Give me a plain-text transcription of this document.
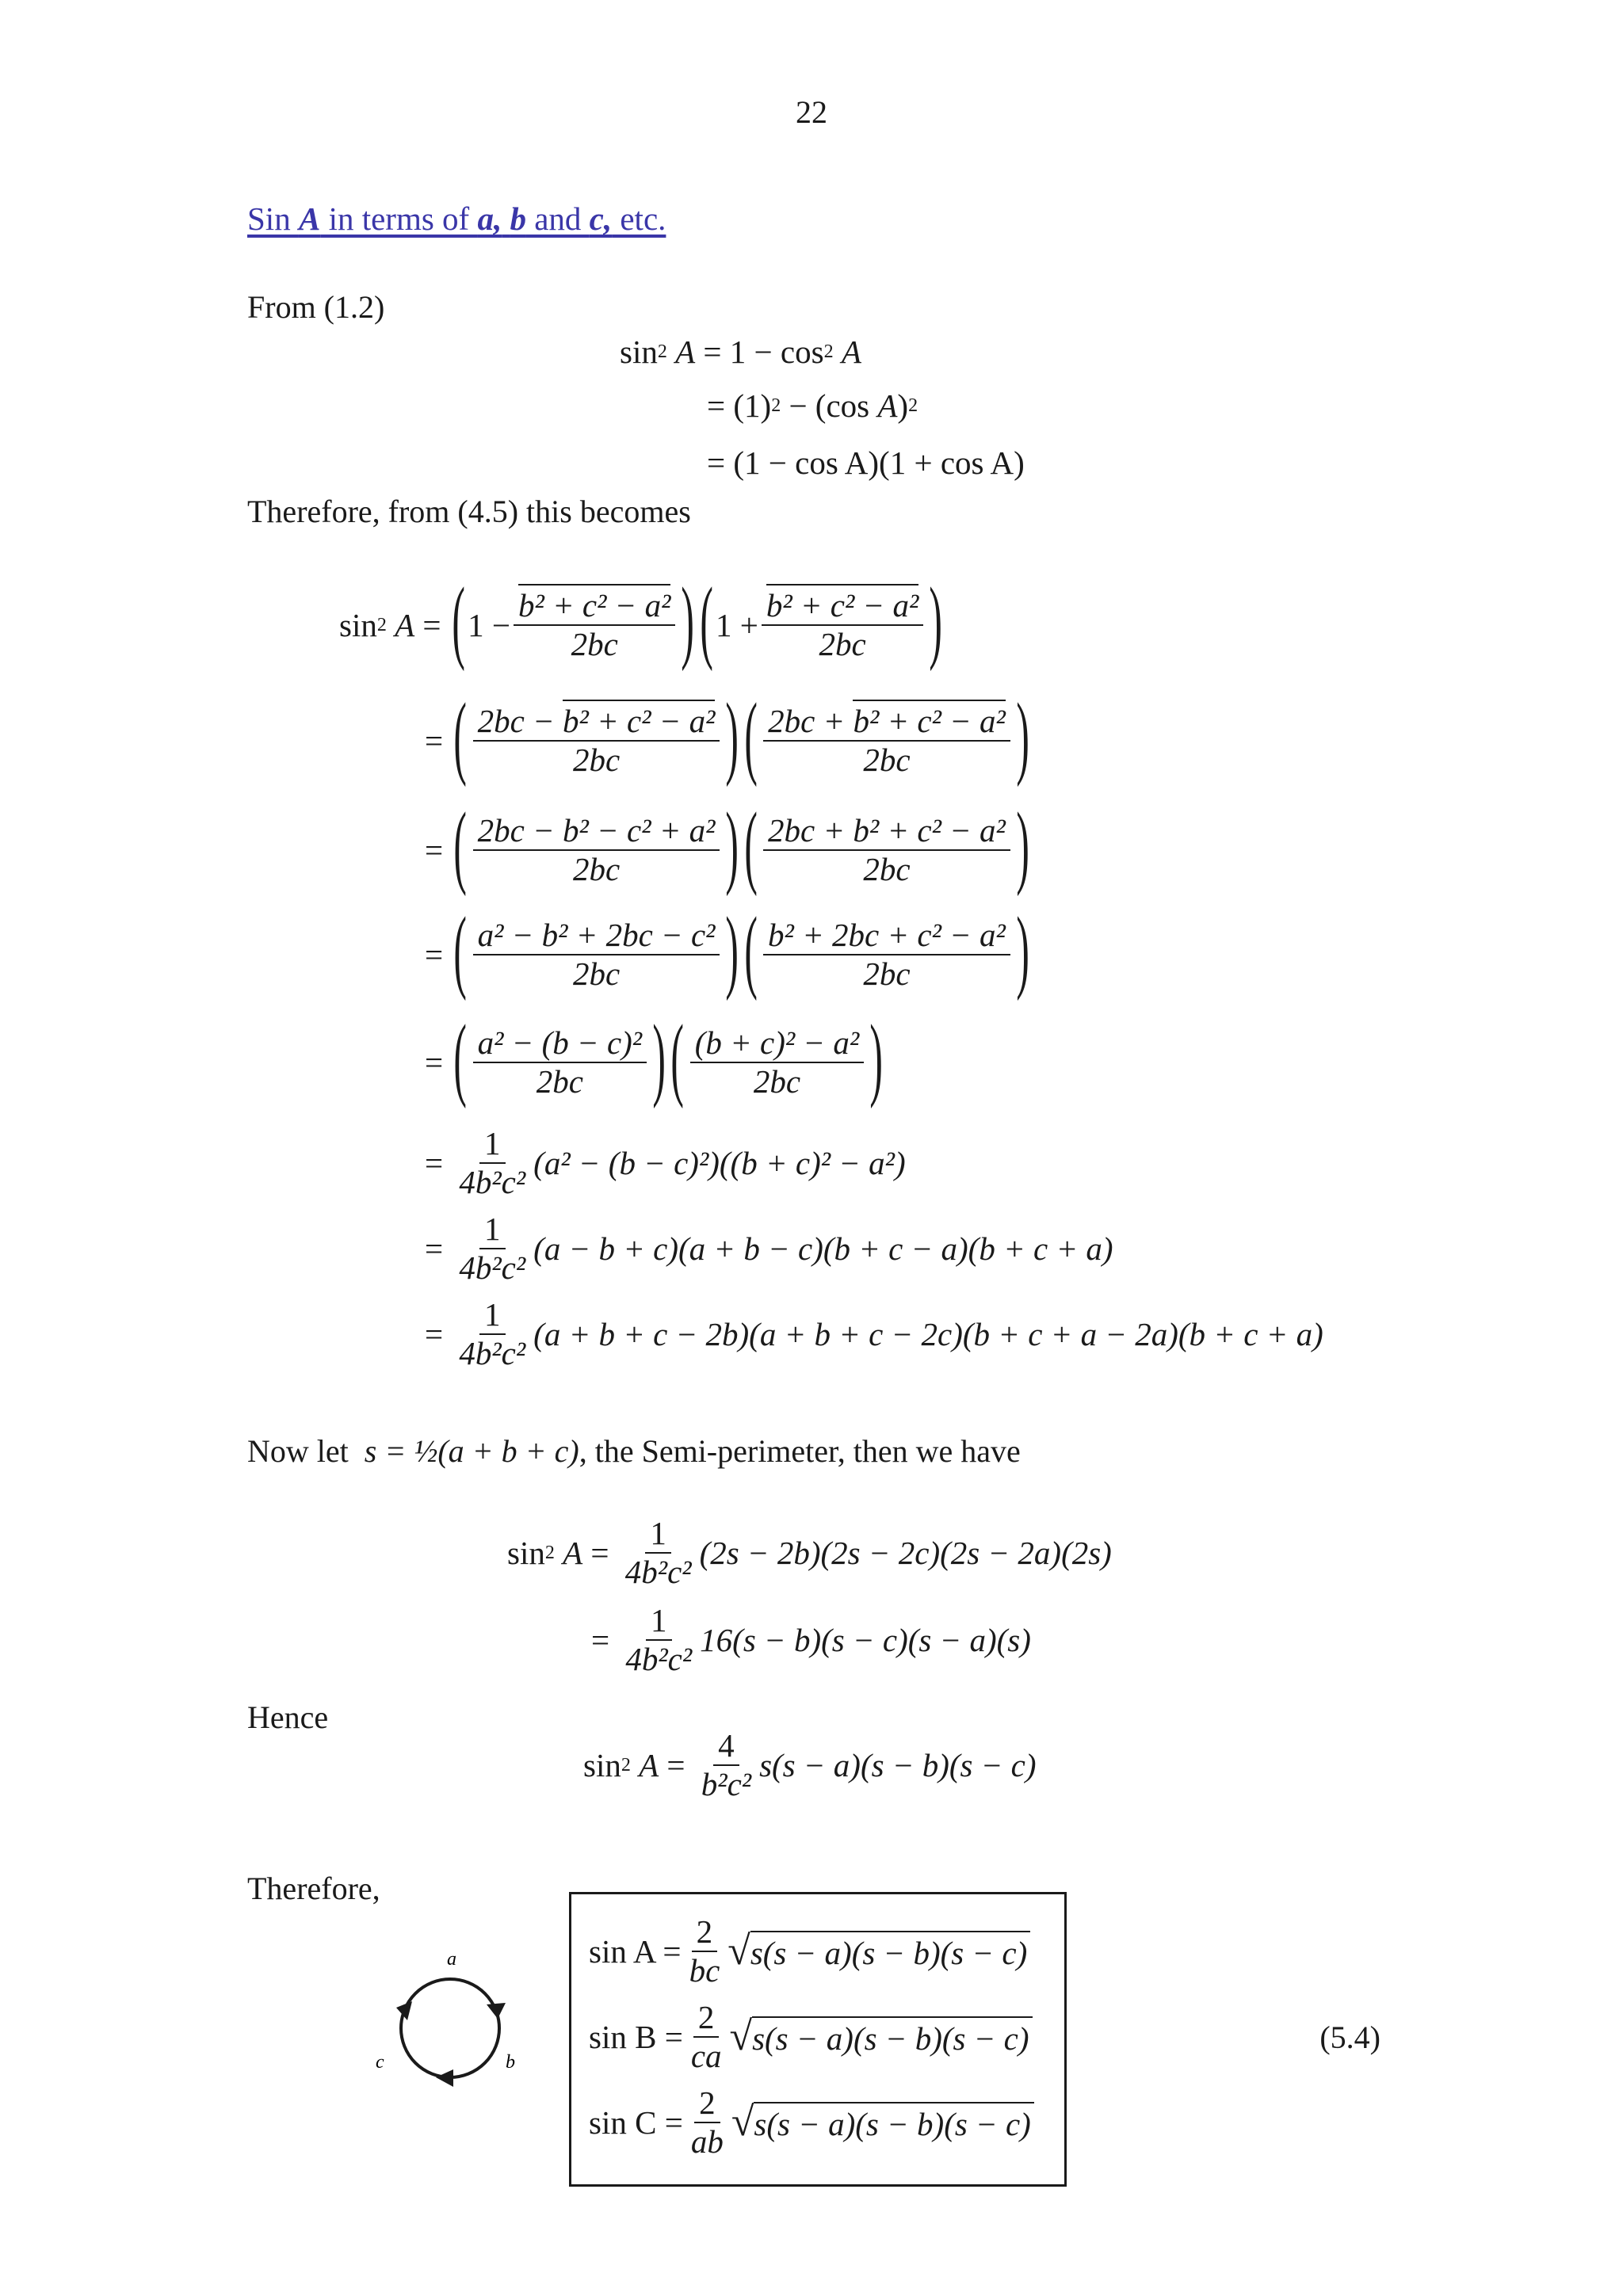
22
Sin A in terms of a, b and c, etc.
From (1.2)
sin 2
A = 1 − cos 2
A
= (1) 2 − (cos A ) 2
= (1 − cos A)(1 + cos A)
Therefore, from (4.5) this becomes
sin 2
A = ( $1 - \frac{\text{b² + c² − a²}}{2bc}$ ) ( $1 + \frac{\text{b² + c² − a²}}{2bc}$ )
= ( $\frac{\text{2bc − b² + c² − a²}}{2bc}$ ) ( $\frac{\text{2bc + b² + c² − a²}}{2bc}$ )
= ( $\frac{\text{2bc − b² − c² + a²}}{2bc}$ ) ( $\frac{\text{2bc + b² + c² − a²}}{2bc}$ )
= ( $\frac{\text{a² − b² + 2bc − c²}}{2bc}$ ) ( $\frac{\text{b² + 2bc + c² − a²}}{2bc}$ )
= ( $\frac{\text{a² − (b − c)²}}{2bc}$ ) ( $\frac{\text{(b + c)² − a²}}{2bc}$ )
= $\frac{1}{\text{4b²c²}} (a^2 - (b - c)^2)((b + c)^2 - a^2)$
= $\frac{1}{\text{4b²c²}} (a - b + c)(a + b - c)(b + c - a)(b + c + a)$
= $\frac{1}{\text{4b²c²}} (a + b + c - 2b)(a + b + c - 2c)(b + c + a - 2a)(b + c + a)$
Now let s = ½(a + b + c), the Semi-perimeter, then we have
sin 2
$A = \frac{1}{\text{4b²c²}} (2s - 2b)(2s - 2c)(2s - 2a)(2s)$
= $\frac{1}{\text{4b²c²}} 16(s - b)(s - c)(s - a)(s)$
Hence
sin 2
$A = \frac{4}{\text{b²c²}} s(s - a)(s - b)(s - c)$
Therefore,
a
b
c
$\sin A = \frac{2}{bc}$ √ s(s − a)(s − b)(s − c)
$\sin B = \frac{2}{ca}$ √ s(s − a)(s − b)(s − c)
$\sin C = \frac{2}{ab}$ √ s(s − a)(s − b)(s − c)
(5.4)
